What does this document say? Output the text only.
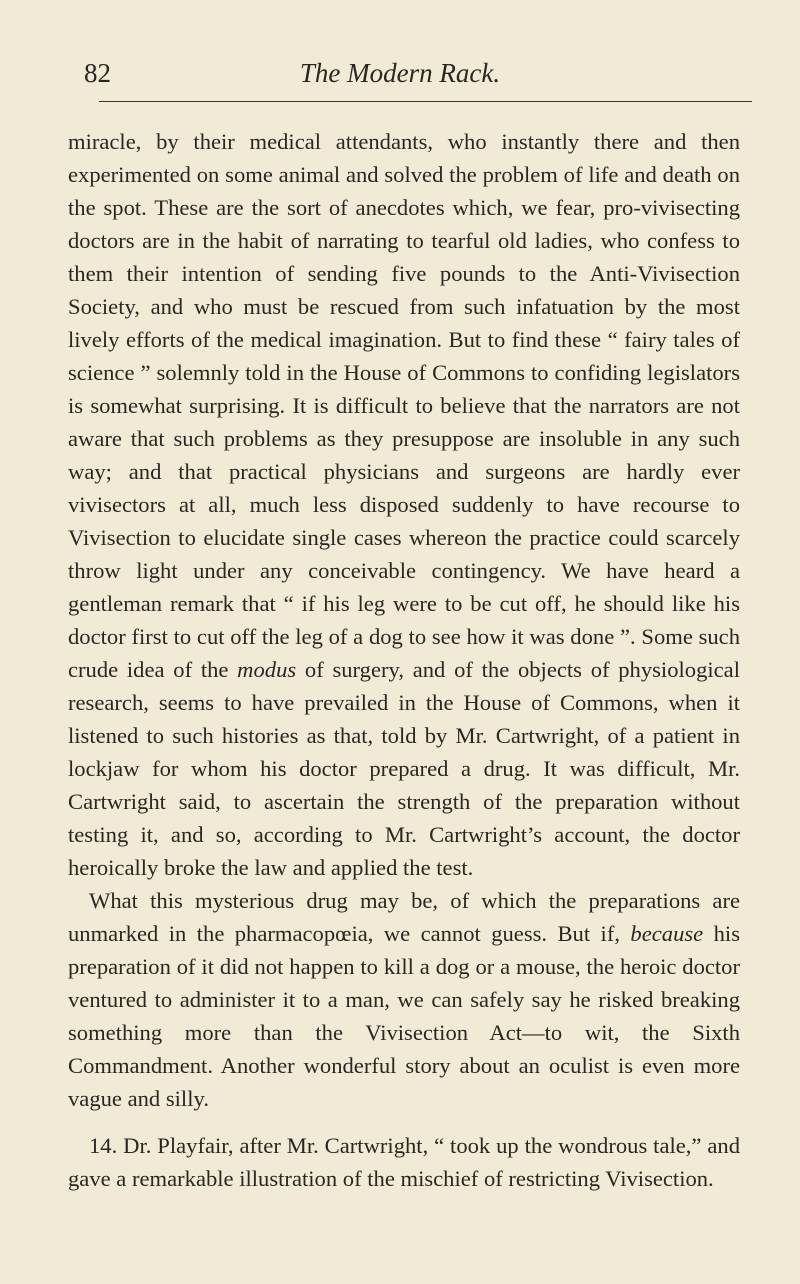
82	The Modern Rack.

miracle, by their medical attendants, who instantly there and then experimented on some animal and solved the problem of life and death on the spot. These are the sort of anecdotes which, we fear, pro-vivisecting doctors are in the habit of narrating to tearful old ladies, who confess to them their intention of sending five pounds to the Anti-Vivisection Society, and who must be rescued from such infatuation by the most lively efforts of the medical imagination. But to find these “ fairy tales of science ” solemnly told in the House of Commons to confiding legislators is somewhat surprising. It is difficult to believe that the narrators are not aware that such problems as they presuppose are insoluble in any such way; and that practical physicians and surgeons are hardly ever vivisectors at all, much less disposed suddenly to have recourse to Vivisection to elucidate single cases whereon the practice could scarcely throw light under any conceivable contingency. We have heard a gentleman remark that “ if his leg were to be cut off, he should like his doctor first to cut off the leg of a dog to see how it was done ”. Some such crude idea of the modus of surgery, and of the objects of physiological research, seems to have prevailed in the House of Commons, when it listened to such histories as that, told by Mr. Cartwright, of a patient in lockjaw for whom his doctor prepared a drug. It was difficult, Mr. Cartwright said, to ascertain the strength of the preparation without testing it, and so, according to Mr. Cartwright’s account, the doctor heroically broke the law and applied the test.

What this mysterious drug may be, of which the preparations are unmarked in the pharmacopœia, we cannot guess. But if, because his preparation of it did not happen to kill a dog or a mouse, the heroic doctor ventured to administer it to a man, we can safely say he risked breaking something more than the Vivisection Act—to wit, the Sixth Commandment. Another wonderful story about an oculist is even more vague and silly.

14. Dr. Playfair, after Mr. Cartwright, “ took up the wondrous tale,” and gave a remarkable illustration of the mischief of restricting Vivisection.
